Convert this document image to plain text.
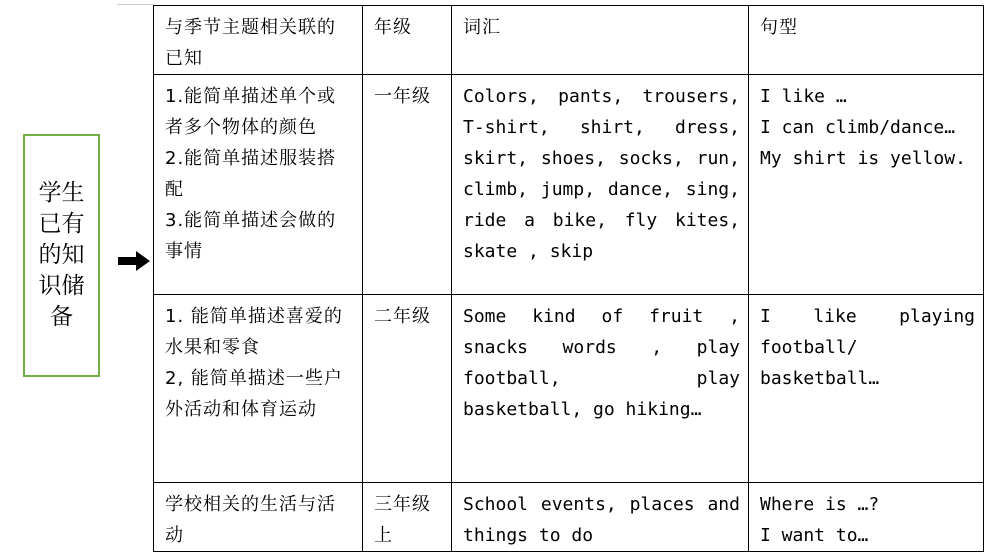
学生已有的知识储备
与季节主题相关联的已知	年级	词汇	句型

1.能简单描述单个或者多个物体的颜色
2.能简单描述服装搭配
3.能简单描述会做的事情	一年级	Colors, pants, trousers, T-shirt, shirt, dress, skirt, shoes, socks, run, climb, jump, dance, sing, ride a bike, fly kites, skate , skip	I like …
I can climb/dance…
My shirt is yellow.

1. 能简单描述喜爱的水果和零食
2, 能简单描述一些户外活动和体育运动	二年级	Some kind of fruit , snacks words , play football, play basketball, go hiking…	I like playing football/ basketball…

学校相关的生活与活动	三年级上	School events, places and things to do	Where is …?
I want to…
